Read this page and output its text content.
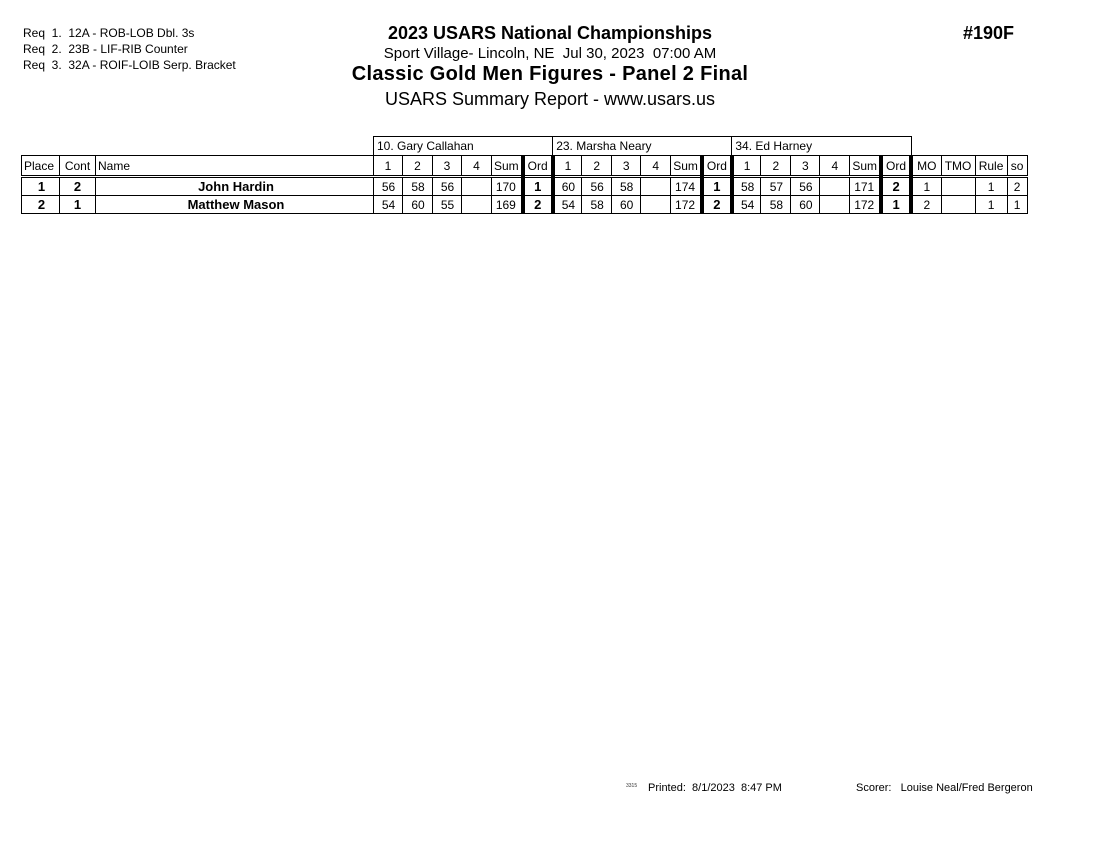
Req  1.  12A - ROB-LOB Dbl. 3s
Req  2.  23B - LIF-RIB Counter
Req  3.  32A - ROIF-LOIB Serp. Bracket
2023 USARS National Championships
Sport Village- Lincoln, NE  Jul 30, 2023  07:00 AM
Classic Gold Men Figures - Panel 2 Final
USARS Summary Report - www.usars.us
#190F
			10. Gary Callahan						23. Marsha Neary						34. Ed Harney									
Place	Cont	Name	1	2	3	4	Sum	Ord	1	2	3	4	Sum	Ord	1	2	3	4	Sum	Ord	MO	TMO	Rule	so
1	2	John Hardin	56	58	56		170	1	60	56	58		174	1	58	57	56		171	2	1		1	2
2	1	Matthew Mason	54	60	55		169	2	54	58	60		172	2	54	58	60		172	1	2		1	1
3315 Printed:  8/1/2023  8:47 PM	Scorer:   Louise Neal/Fred Bergeron
